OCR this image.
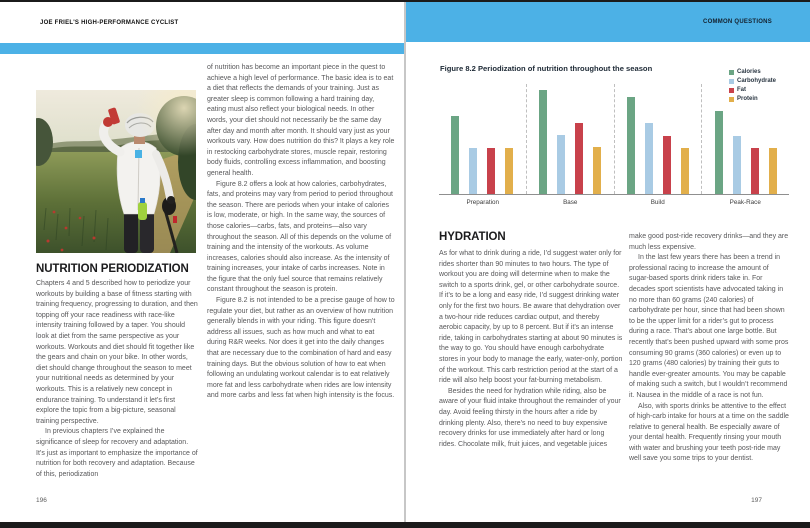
JOE FRIEL'S HIGH-PERFORMANCE CYCLIST	COMMON QUESTIONS
NUTRITION PERIODIZATION

Chapters 4 and 5 described how to periodize your workouts by building a base of fitness starting with training frequency, progressing to duration, and then topping off your race readiness with race-like intensity training followed by a taper. You should look at diet from the same perspective as your workouts. Workouts and diet should fit together like the gears and chain on your bike. In other words, diet should change throughout the season to meet your nutritional needs as determined by your workouts. This is a relatively new concept in endurance training. To understand it let’s first explore the topic from a big-picture, seasonal training perspective.

In previous chapters I’ve explained the significance of sleep for recovery and adaptation. It’s just as important to emphasize the importance of nutrition for both recovery and adaptation. Because of this, periodization

of nutrition has become an important piece in the quest to achieve a high level of performance. The basic idea is to eat a diet that reflects the demands of your training. Just as greater sleep is common following a hard training day, eating must also reflect your biological needs. In other words, your diet should not necessarily be the same day after day and month after month. It should vary just as your workouts vary. How does nutrition do this? It plays a key role in restocking carbohydrate stores, muscle repair, restoring body fluids, controlling excess inflammation, and boosting general health.

Figure 8.2 offers a look at how calories, carbohydrates, fats, and proteins may vary from period to period throughout the season. There are periods when your intake of calories is low, moderate, or high. In the same way, the sources of those calories—carbs, fats, and proteins—also vary throughout the season. All of this depends on the volume of training and the intensity of the workouts. As volume increases, calories should also increase. As the intensity of training increases, your intake of carbs increases. Note in the figure that the only fuel source that remains relatively constant throughout the season is protein.

Figure 8.2 is not intended to be a precise gauge of how to regulate your diet, but rather as an overview of how nutrition generally blends in with your riding. This figure doesn’t address all issues, such as how much and what to eat during R&R weeks. Nor does it get into the daily changes that are necessary due to the combination of hard and easy training days. But the obvious solution of how to eat when following an undulating workout calendar is to eat relatively more fat and less carbohydrate when rides are low intensity and more carbs and less fat when high intensity is the focus.

196
Figure 8.2 Periodization of nutrition throughout the season
Preparation	Base	Build	Peak-Race
Calories
Carbohydrate
Fat
Protein
HYDRATION

As for what to drink during a ride, I’d suggest water only for rides shorter than 90 minutes to two hours. The type of workout you are doing will determine when to make the switch to a sports drink, gel, or other carbohydrate source. If it’s to be a long and easy ride, I’d suggest drinking water only for the first two hours. Be aware that dehydration over a two-hour ride reduces cardiac output, and thereby aerobic capacity, by up to 8 percent. But if it’s an intense ride, taking in carbohydrates starting at about 90 minutes is the way to go. You should have enough carbohydrate stores in your body to manage the early, water-only, portion of the workout. This carb restriction period at the start of a ride will also help boost your fat-burning metabolism.

Besides the need for hydration while riding, also be aware of your fluid intake throughout the remainder of your day. Avoid feeling thirsty in the hours after a ride by drinking plenty. Also, there’s no need to buy expensive recovery drinks for use immediately after hard or long rides. Chocolate milk, fruit juices, and vegetable juices

make good post-ride recovery drinks—and they are much less expensive.

In the last few years there has been a trend in professional racing to increase the amount of sugar-based sports drink riders take in. For decades sport scientists have advocated taking in no more than 60 grams (240 calories) of carbohydrate per hour, since that had been shown to be the upper limit for a rider’s gut to process during a race. That’s about one large bottle. But recently that’s been pushed upward with some pros consuming 90 grams (360 calories) or even up to 120 grams (480 calories) by training their guts to handle ever-greater amounts. You may be capable of making such a switch, but I wouldn’t recommend it. Nausea in the middle of a race is not fun.

Also, with sports drinks be attentive to the effect of high-carb intake for hours at a time on the saddle relative to general health. Be especially aware of your dental health. Frequently rinsing your mouth with water and brushing your teeth post-ride may well save you some trips to your dentist.

197
